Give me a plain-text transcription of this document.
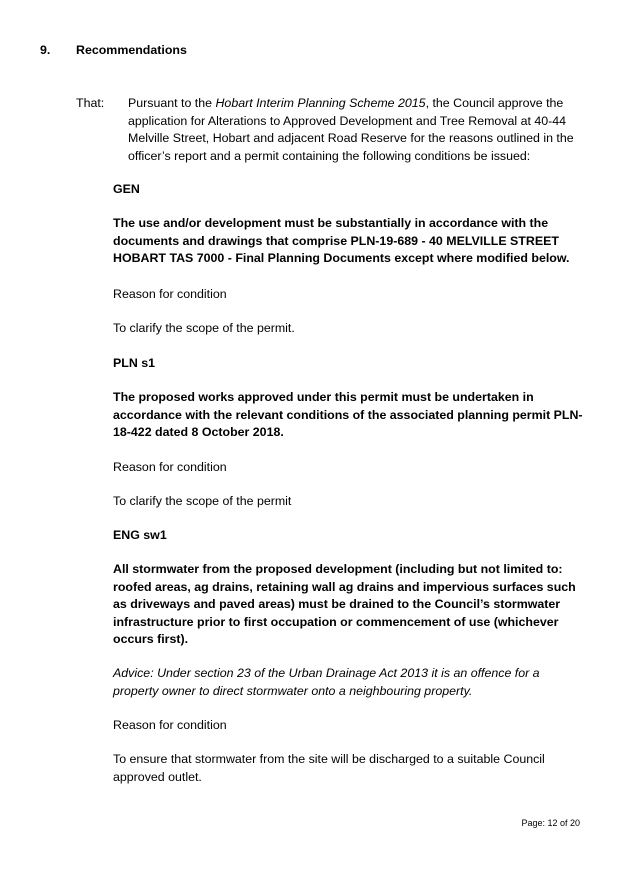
9. Recommendations
That: Pursuant to the Hobart Interim Planning Scheme 2015, the Council approve the application for Alterations to Approved Development and Tree Removal at 40-44 Melville Street, Hobart and adjacent Road Reserve for the reasons outlined in the officer’s report and a permit containing the following conditions be issued:
GEN
The use and/or development must be substantially in accordance with the documents and drawings that comprise PLN-19-689 - 40 MELVILLE STREET HOBART TAS 7000 - Final Planning Documents except where modified below.
Reason for condition
To clarify the scope of the permit.
PLN s1
The proposed works approved under this permit must be undertaken in accordance with the relevant conditions of the associated planning permit PLN-18-422 dated 8 October 2018.
Reason for condition
To clarify the scope of the permit
ENG sw1
All stormwater from the proposed development (including but not limited to: roofed areas, ag drains, retaining wall ag drains and impervious surfaces such as driveways and paved areas) must be drained to the Council’s stormwater infrastructure prior to first occupation or commencement of use (whichever occurs first).
Advice: Under section 23 of the Urban Drainage Act 2013 it is an offence for a property owner to direct stormwater onto a neighbouring property.
Reason for condition
To ensure that stormwater from the site will be discharged to a suitable Council approved outlet.
Page: 12 of 20
